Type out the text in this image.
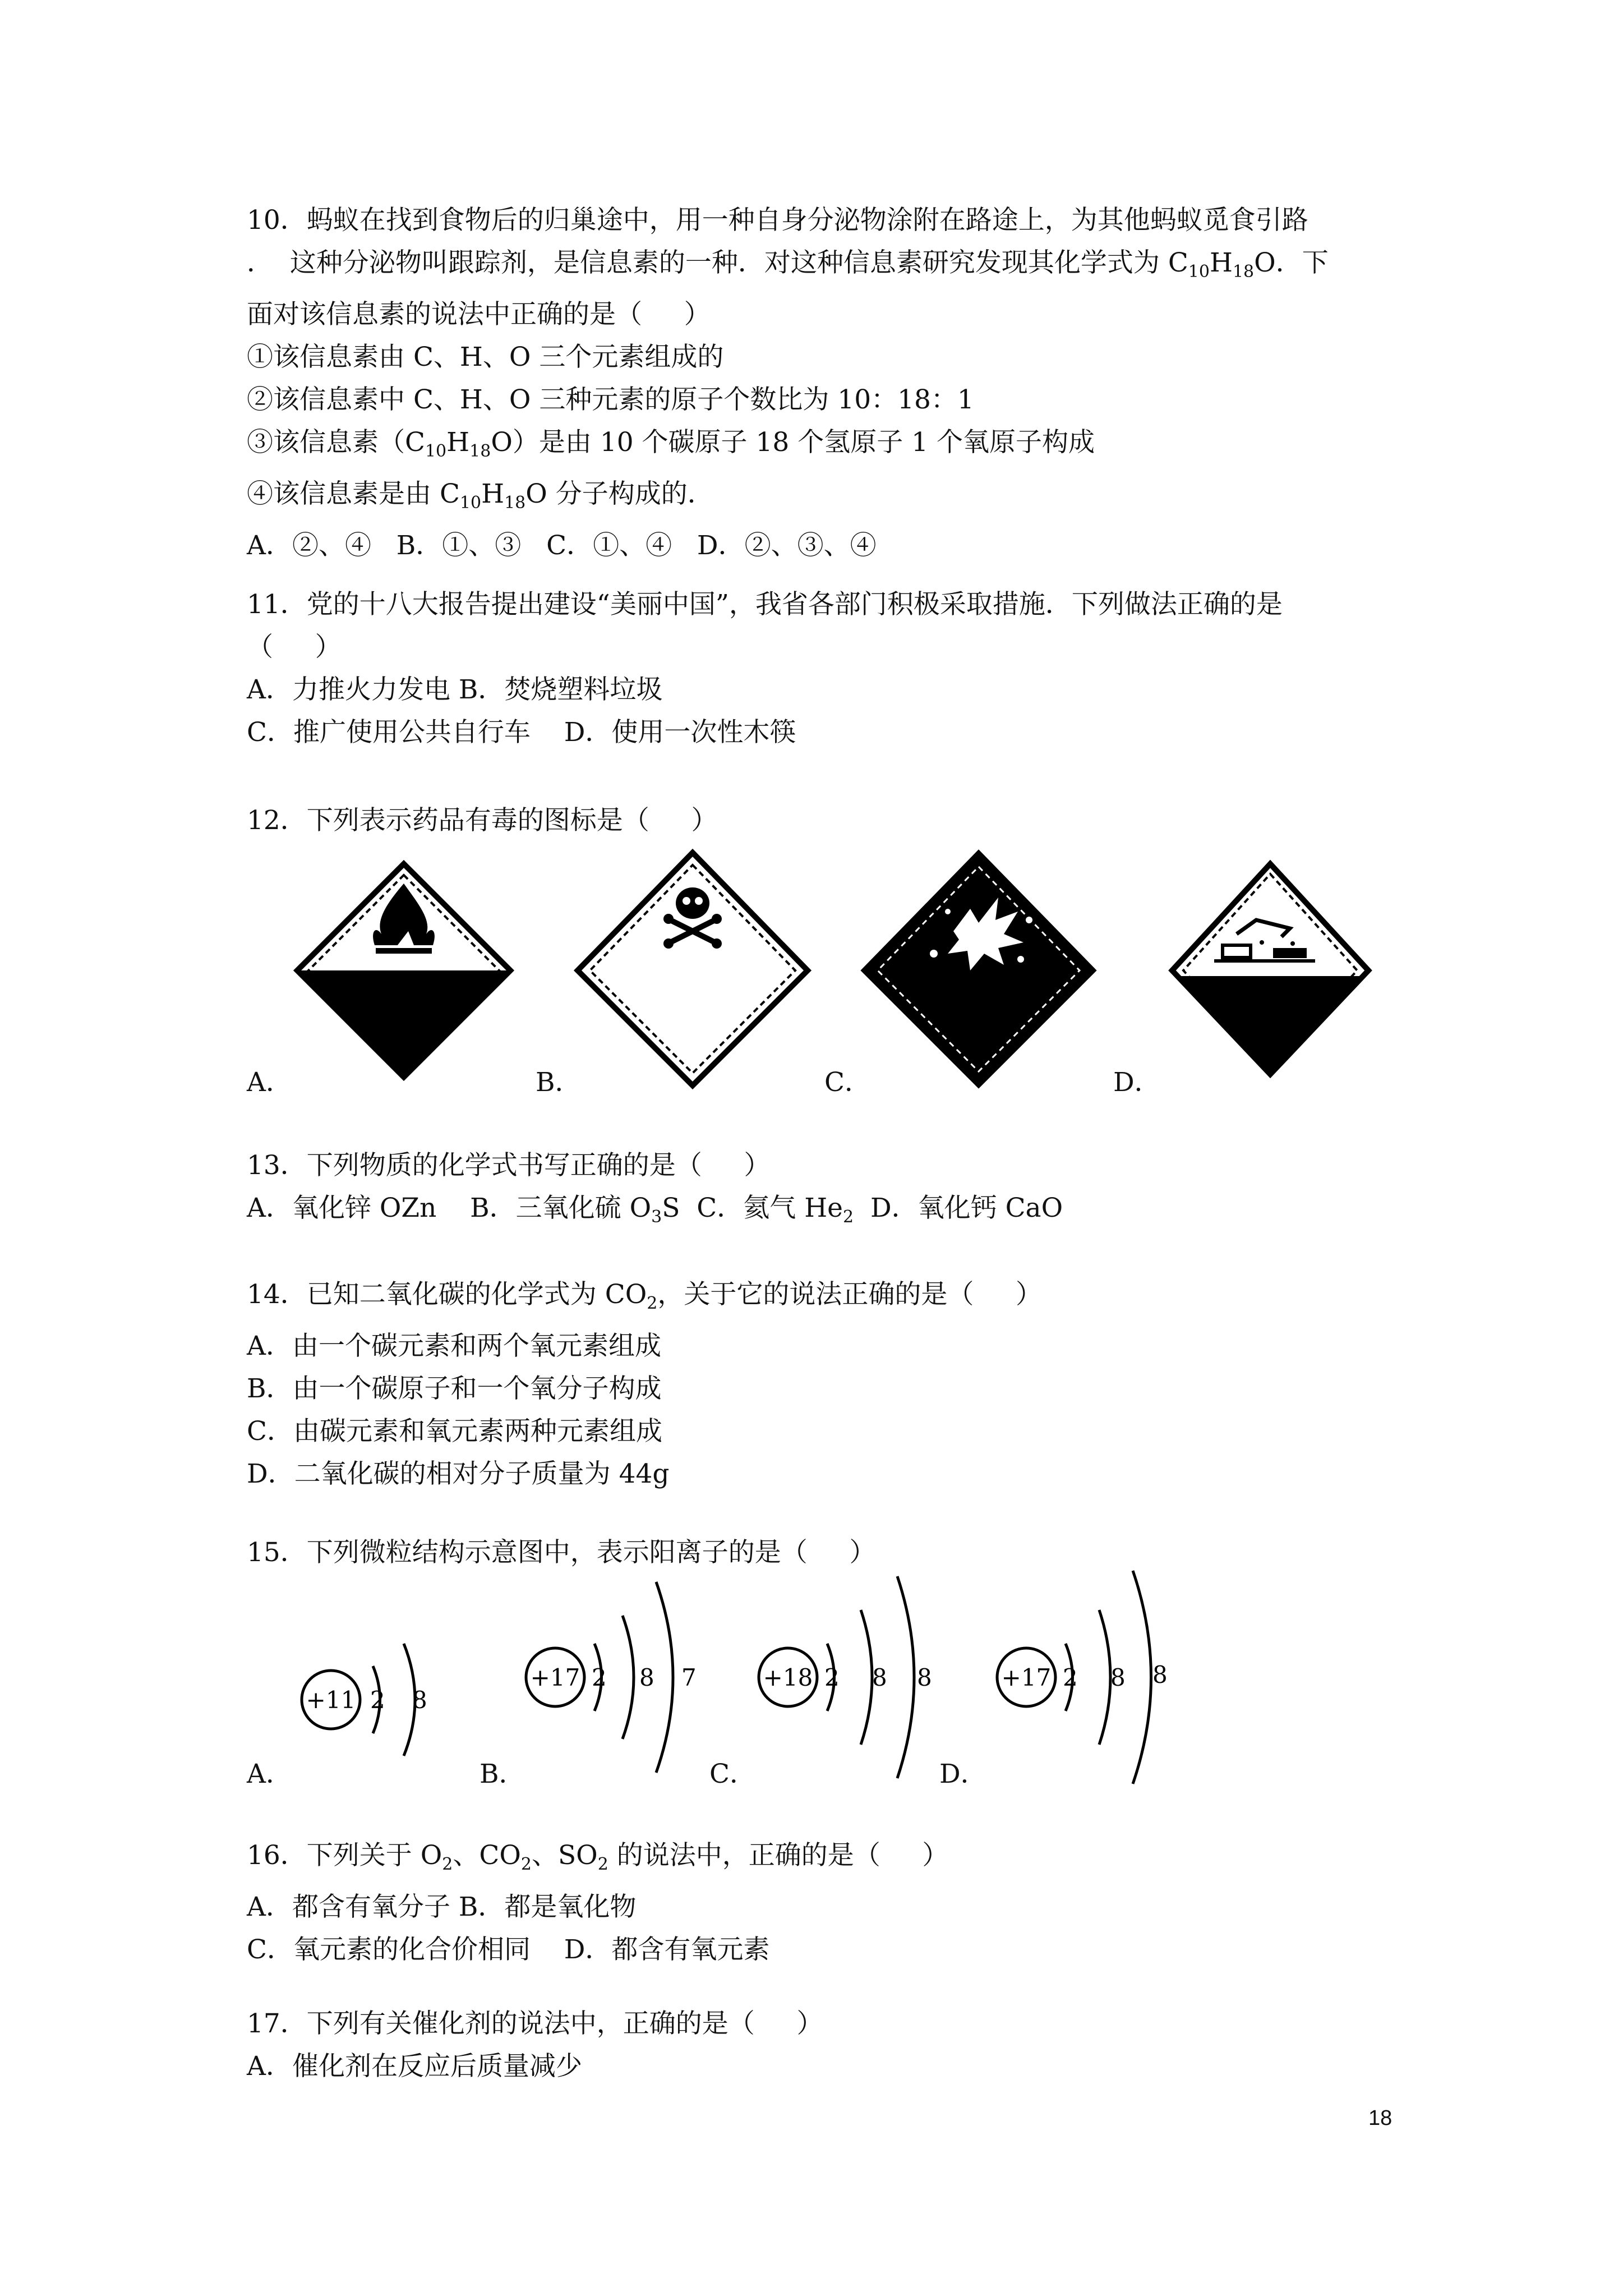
10．蚂蚁在找到食物后的归巢途中，用一种自身分泌物涂附在路途上，为其他蚂蚁觅食引路
．  这种分泌物叫跟踪剂，是信息素的一种．对这种信息素研究发现其化学式为 $C_{10}H_{18}O$．下
面对该信息素的说法中正确的是（     ）
①该信息素由 C、H、O 三个元素组成的
②该信息素中 C、H、O 三种元素的原子个数比为 10：18：1
③该信息素$(C_{10}H_{18}O)$是由 10 个碳原子 18 个氢原子 1 个氧原子构成
④该信息素是由 $C_{10}H_{18}O$ 分子构成的．
A．②、④   B．①、③   C．①、④   D．②、③、④
11．党的十八大报告提出建设“美丽中国”，我省各部门积极采取措施．下列做法正确的是
（     ）
A．力推火力发电 B．焚烧塑料垃圾
C．推广使用公共自行车    D．使用一次性木筷
12．下列表示药品有毒的图标是（     ）
A．	B．	C．	D．
13．下列物质的化学式书写正确的是（     ）
A．氧化锌 OZn    B．三氧化硫 $O_3S$  C．氦气 $He_2$  D．氧化钙 CaO
14．已知二氧化碳的化学式为 $CO_2$，关于它的说法正确的是（     ）
A．由一个碳元素和两个氧元素组成
B．由一个碳原子和一个氧分子构成
C．由碳元素和氧元素两种元素组成
D．二氧化碳的相对分子质量为 44g
15．下列微粒结构示意图中，表示阳离子的是（     ）
+11 2 8
+17 2 8 7	+18 2 8 8	+17 2 8 8
A．	B．	C．	D．
16．下列关于 $O_2$、$CO_2$、$SO_2$ 的说法中，正确的是（     ）
A．都含有氧分子 B．都是氧化物
C．氧元素的化合价相同    D．都含有氧元素
17．下列有关催化剂的说法中，正确的是（     ）
A．催化剂在反应后质量减少
18
